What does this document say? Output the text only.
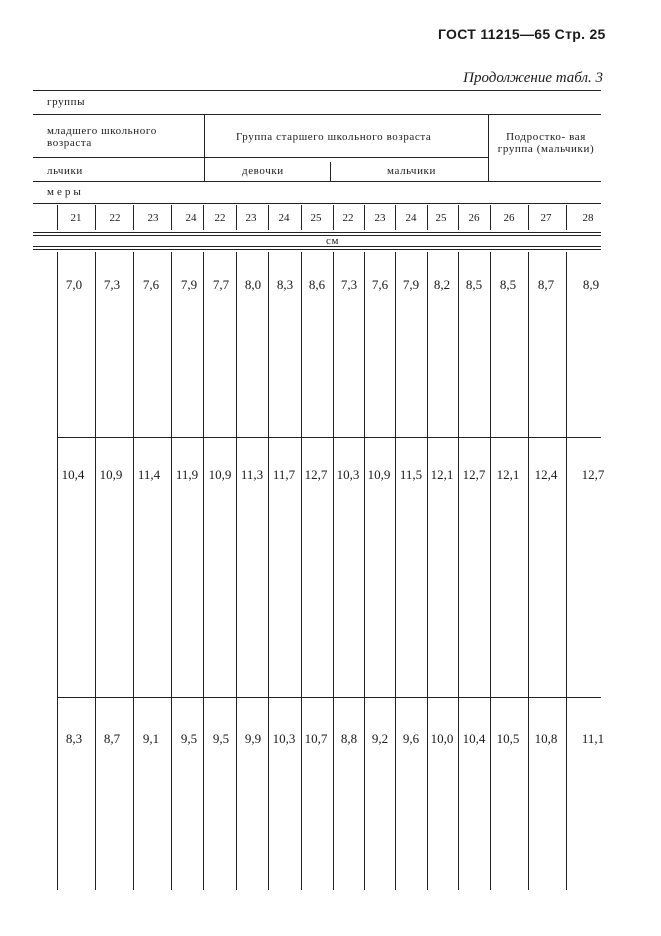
ГОСТ 11215—65 Стр. 25
Продолжение табл. 3
группы
младшего школьного возраста	Группа старшего школьного возраста	Подростко- вая группа (мальчики)
льчики	девочки	мальчики
меры
см
21	22	23	24	22	23	24	25	22	23	24	25	26	26	27	28
7,0	7,3	7,6	7,9	7,7	8,0	8,3	8,6	7,3	7,6	7,9	8,2	8,5	8,5	8,7	8,9
10,4	10,9	11,4	11,9 10,9 11,3 11,7 12,7 10,3 10,9 11,5 12,1 12,7 12,1	12,4	12,7
8,3	8,7	9,1	9,5	9,5	9,9 10,3 10,7	8,8	9,2	9,6 10,0 10,4 10,5	10,8	11,1
